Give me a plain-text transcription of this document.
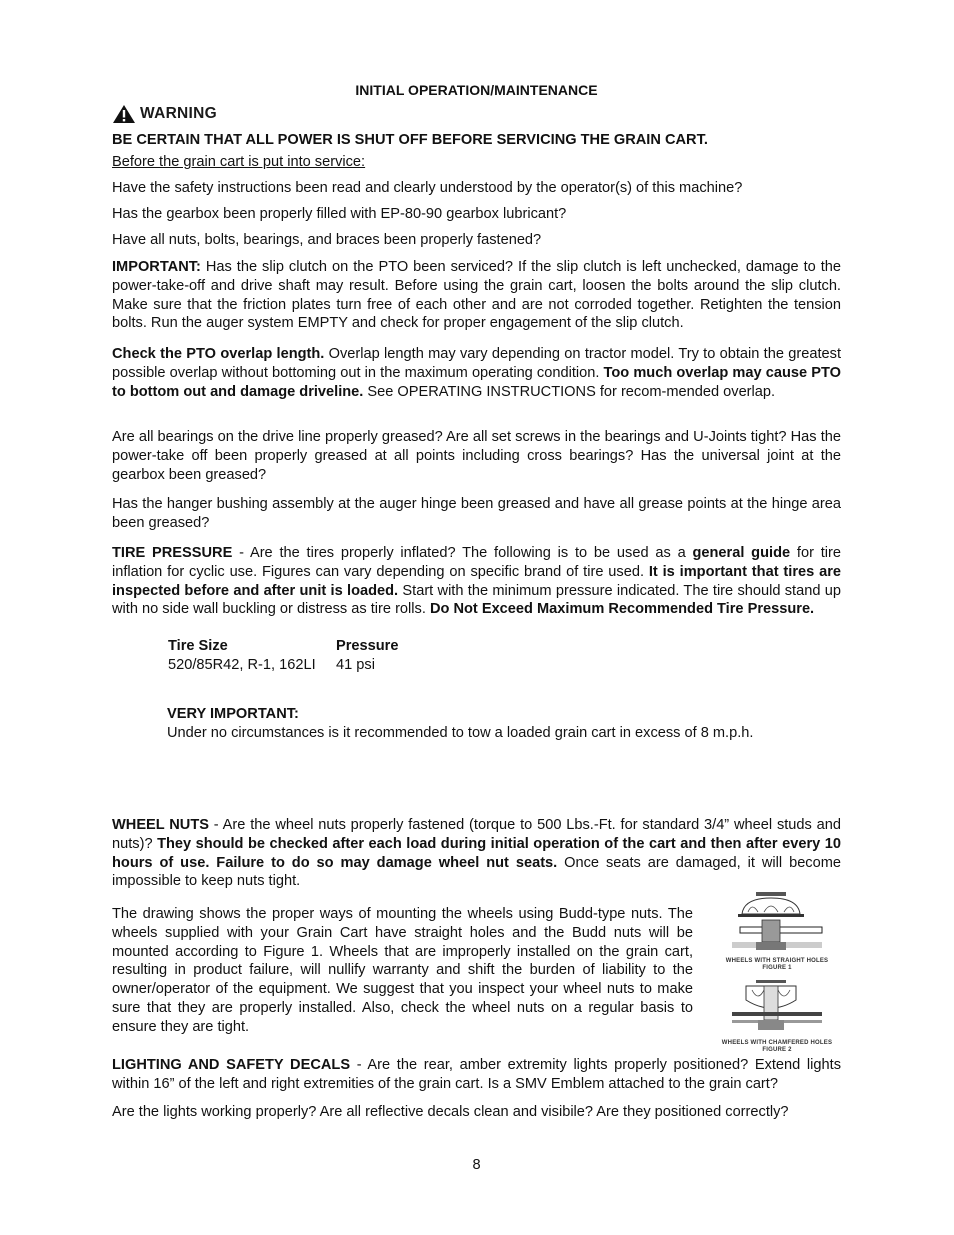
INITIAL OPERATION/MAINTENANCE
WARNING
BE CERTAIN THAT ALL POWER IS SHUT OFF BEFORE SERVICING THE GRAIN CART.
Before the grain cart is put into service:
Have the safety instructions been read and clearly understood by the operator(s) of this machine?
Has the gearbox been properly filled with EP-80-90 gearbox lubricant?
Have all nuts, bolts, bearings, and braces been properly fastened?
IMPORTANT: Has the slip clutch on the PTO been serviced? If the slip clutch is left unchecked, damage to the power-take-off and drive shaft may result. Before using the grain cart, loosen the bolts around the slip clutch. Make sure that the friction plates turn free of each other and are not corroded together. Retighten the tension bolts. Run the auger system EMPTY and check for proper engagement of the slip clutch.
Check the PTO overlap length. Overlap length may vary depending on tractor model. Try to obtain the greatest possible overlap without bottoming out in the maximum operating condition. Too much overlap may cause PTO to bottom out and damage driveline. See OPERATING INSTRUCTIONS for recom-mended overlap.
Are all bearings on the drive line properly greased? Are all set screws in the bearings and U-Joints tight? Has the power-take off been properly greased at all points including cross bearings? Has the universal joint at the gearbox been greased?
Has the hanger bushing assembly at the auger hinge been greased and have all grease points at the hinge area been greased?
TIRE PRESSURE - Are the tires properly inflated? The following is to be used as a general guide for tire inflation for cyclic use. Figures can vary depending on specific brand of tire used. It is important that tires are inspected before and after unit is loaded. Start with the minimum pressure indicated. The tire should stand up with no side wall buckling or distress as tire rolls. Do Not Exceed Maximum Recommended Tire Pressure.
Tire Size	Pressure
520/85R42, R-1, 162LI	41 psi
VERY IMPORTANT:
Under no circumstances is it recommended to tow a loaded grain cart in excess of 8 m.p.h.
WHEEL NUTS - Are the wheel nuts properly fastened (torque to 500 Lbs.-Ft. for standard 3/4” wheel studs and nuts)? They should be checked after each load during initial operation of the cart and then after every 10 hours of use. Failure to do so may damage wheel nut seats. Once seats are damaged, it will become impossible to keep nuts tight.
The drawing shows the proper ways of mounting the wheels using Budd-type nuts. The wheels supplied with your Grain Cart have straight holes and the Budd nuts will be mounted according to Figure 1. Wheels that are improperly installed on the grain cart, resulting in product failure, will nullify warranty and shift the burden of liability to the owner/operator of the equipment. We suggest that you inspect your wheel nuts to make sure that they are properly installed. Also, check the wheel nuts on a regular basis to ensure they are tight.
WHEELS WITH STRAIGHT HOLES
FIGURE 1
WHEELS WITH CHAMFERED HOLES
FIGURE 2
LIGHTING AND SAFETY DECALS - Are the rear, amber extremity lights properly positioned? Extend lights within 16” of the left and right extremities of the grain cart. Is a SMV Emblem attached to the grain cart?
Are the lights working properly? Are all reflective decals clean and visibile? Are they positioned correctly?
8
